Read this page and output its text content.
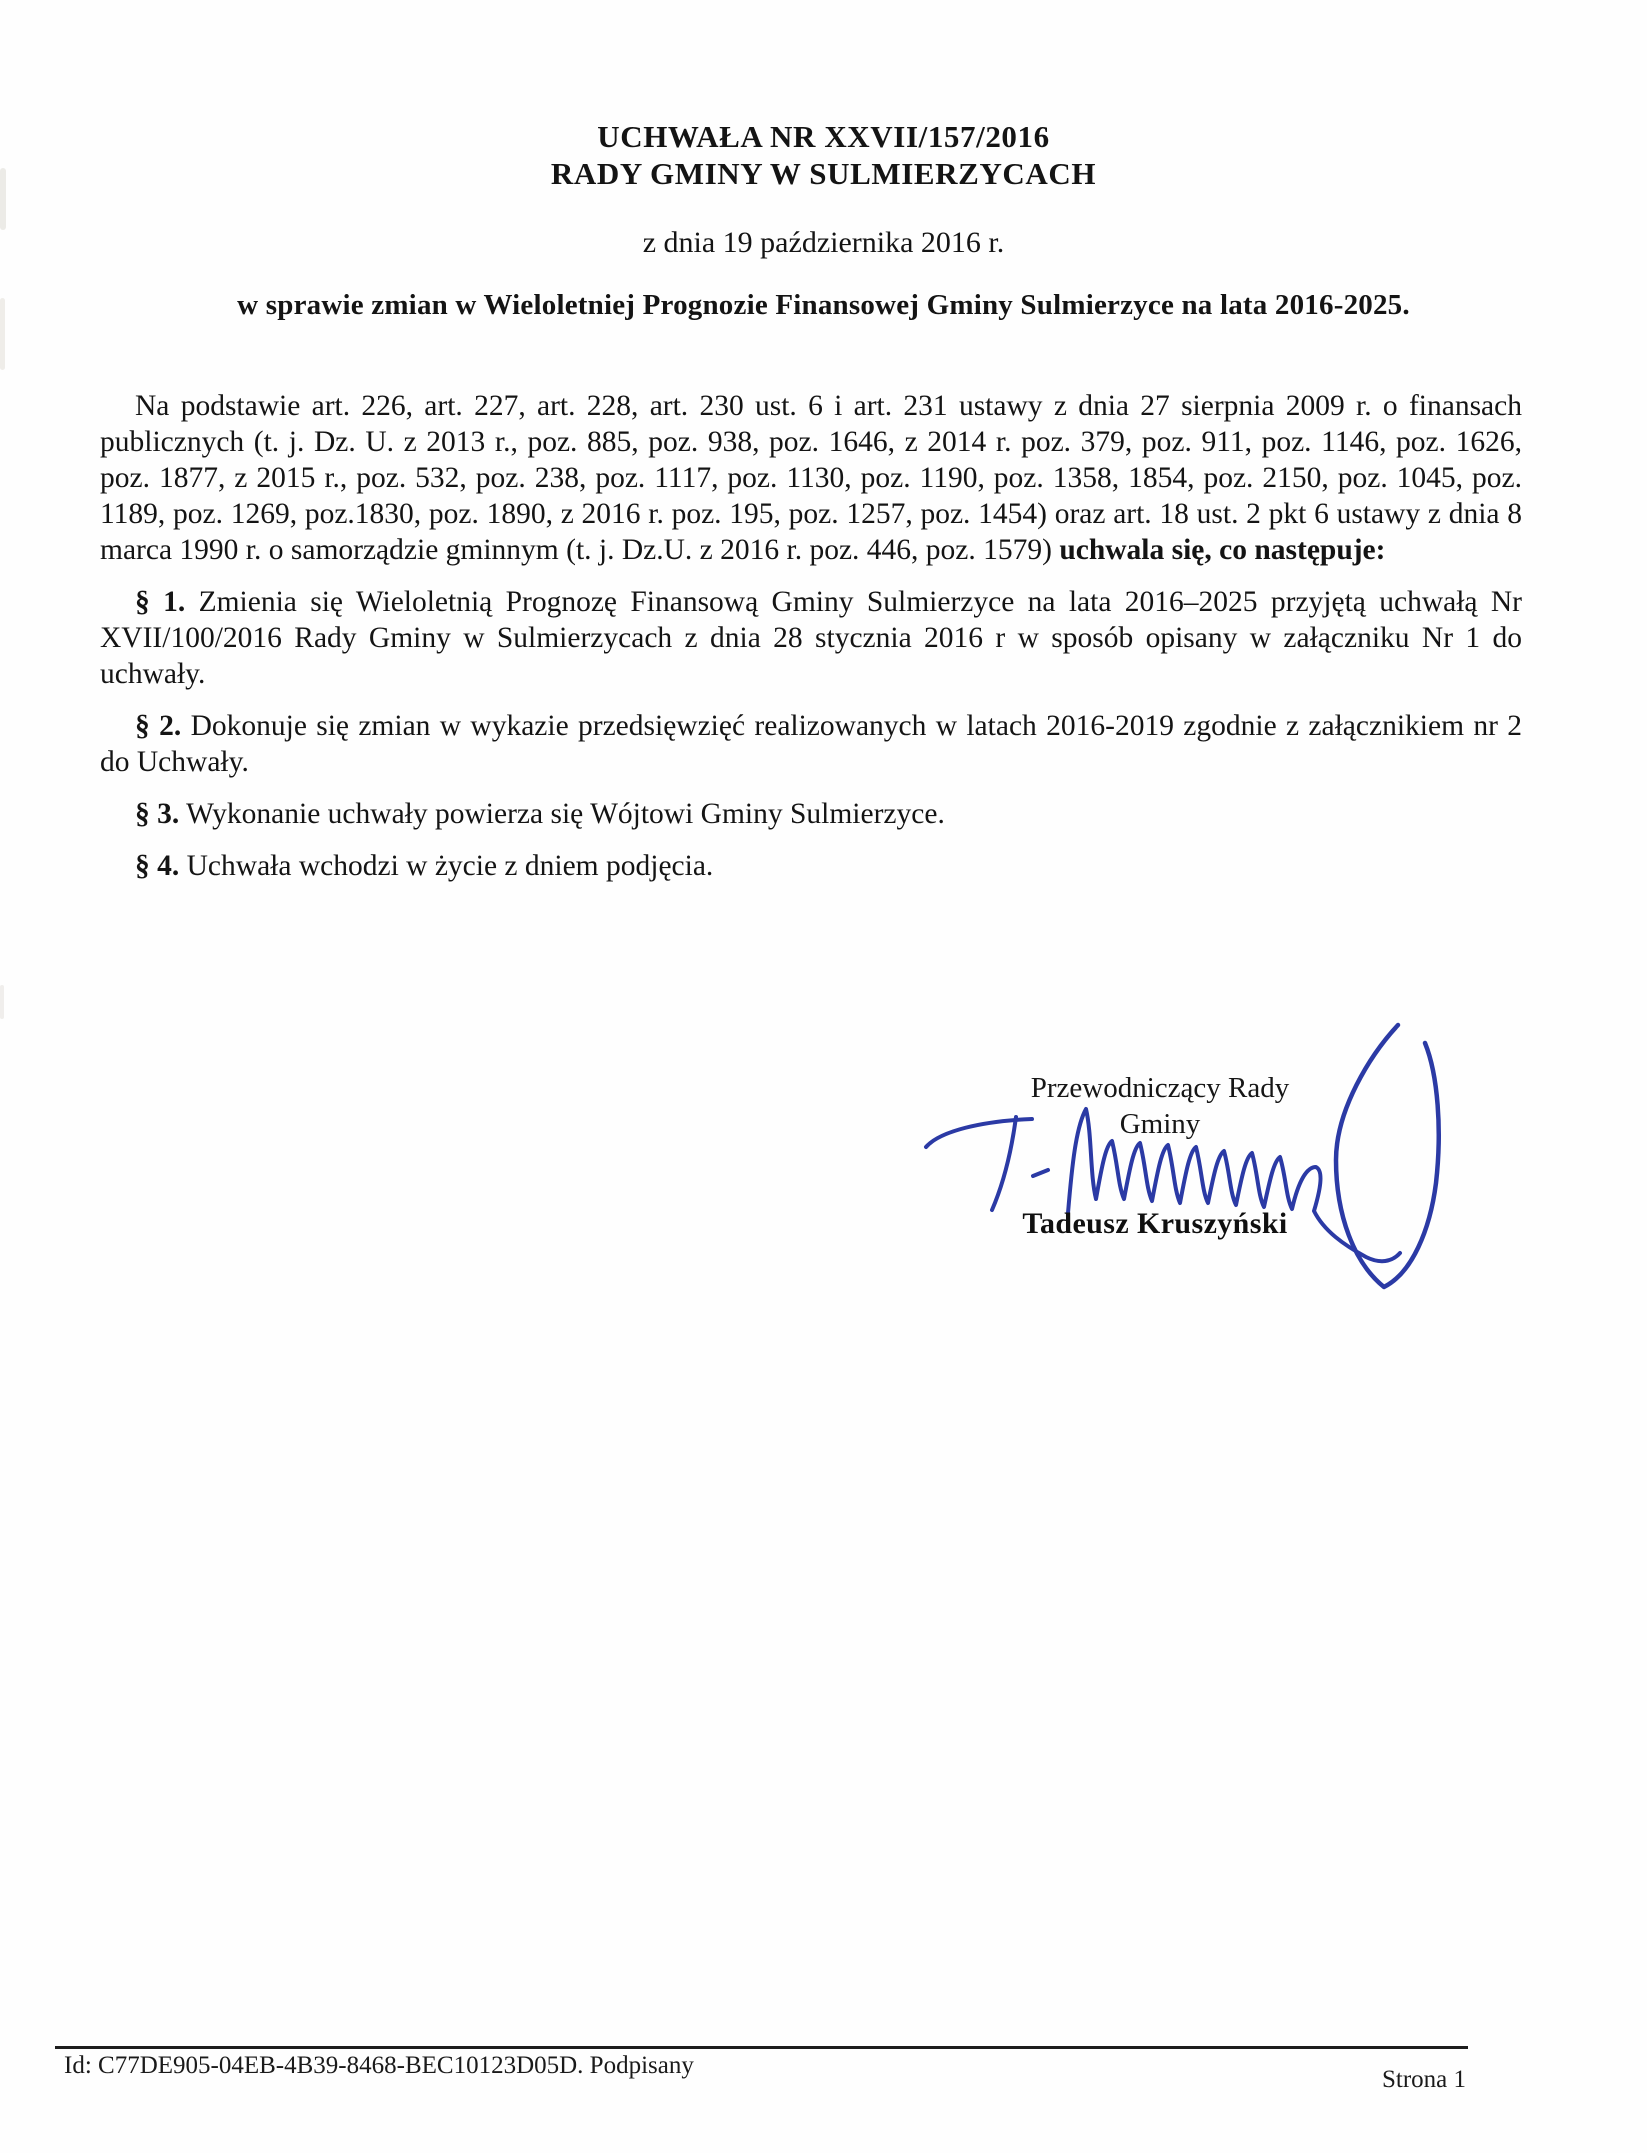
UCHWAŁA NR XXVII/157/2016
RADY GMINY W SULMIERZYCACH
z dnia 19 października 2016 r.
w sprawie zmian w Wieloletniej Prognozie Finansowej Gminy Sulmierzyce na lata 2016-2025.

Na podstawie art. 226, art. 227, art. 228, art. 230 ust. 6 i art. 231 ustawy z dnia 27 sierpnia 2009 r. o finansach publicznych (t. j. Dz. U. z 2013 r., poz. 885, poz. 938, poz. 1646, z 2014 r. poz. 379, poz. 911, poz. 1146, poz. 1626, poz. 1877, z 2015 r., poz. 532, poz. 238, poz. 1117, poz. 1130, poz. 1190, poz. 1358, 1854, poz. 2150, poz. 1045, poz. 1189, poz. 1269, poz.1830, poz. 1890, z 2016 r. poz. 195, poz. 1257, poz. 1454) oraz art. 18 ust. 2 pkt 6 ustawy z dnia 8 marca 1990 r. o samorządzie gminnym (t. j. Dz.U. z 2016 r. poz. 446, poz. 1579) uchwala się, co następuje:

§ 1. Zmienia się Wieloletnią Prognozę Finansową Gminy Sulmierzyce na lata 2016–2025 przyjętą uchwałą Nr XVII/100/2016 Rady Gminy w Sulmierzycach z dnia 28 stycznia 2016 r w sposób opisany w załączniku Nr 1 do uchwały.

§ 2. Dokonuje się zmian w wykazie przedsięwzięć realizowanych w latach 2016-2019 zgodnie z załącznikiem nr 2 do Uchwały.

§ 3. Wykonanie uchwały powierza się Wójtowi Gminy Sulmierzyce.

§ 4. Uchwała wchodzi w życie z dniem podjęcia.

Przewodniczący Rady
Gminy
Tadeusz Kruszyński
Id: C77DE905-04EB-4B39-8468-BEC10123D05D. Podpisany
Strona 1
